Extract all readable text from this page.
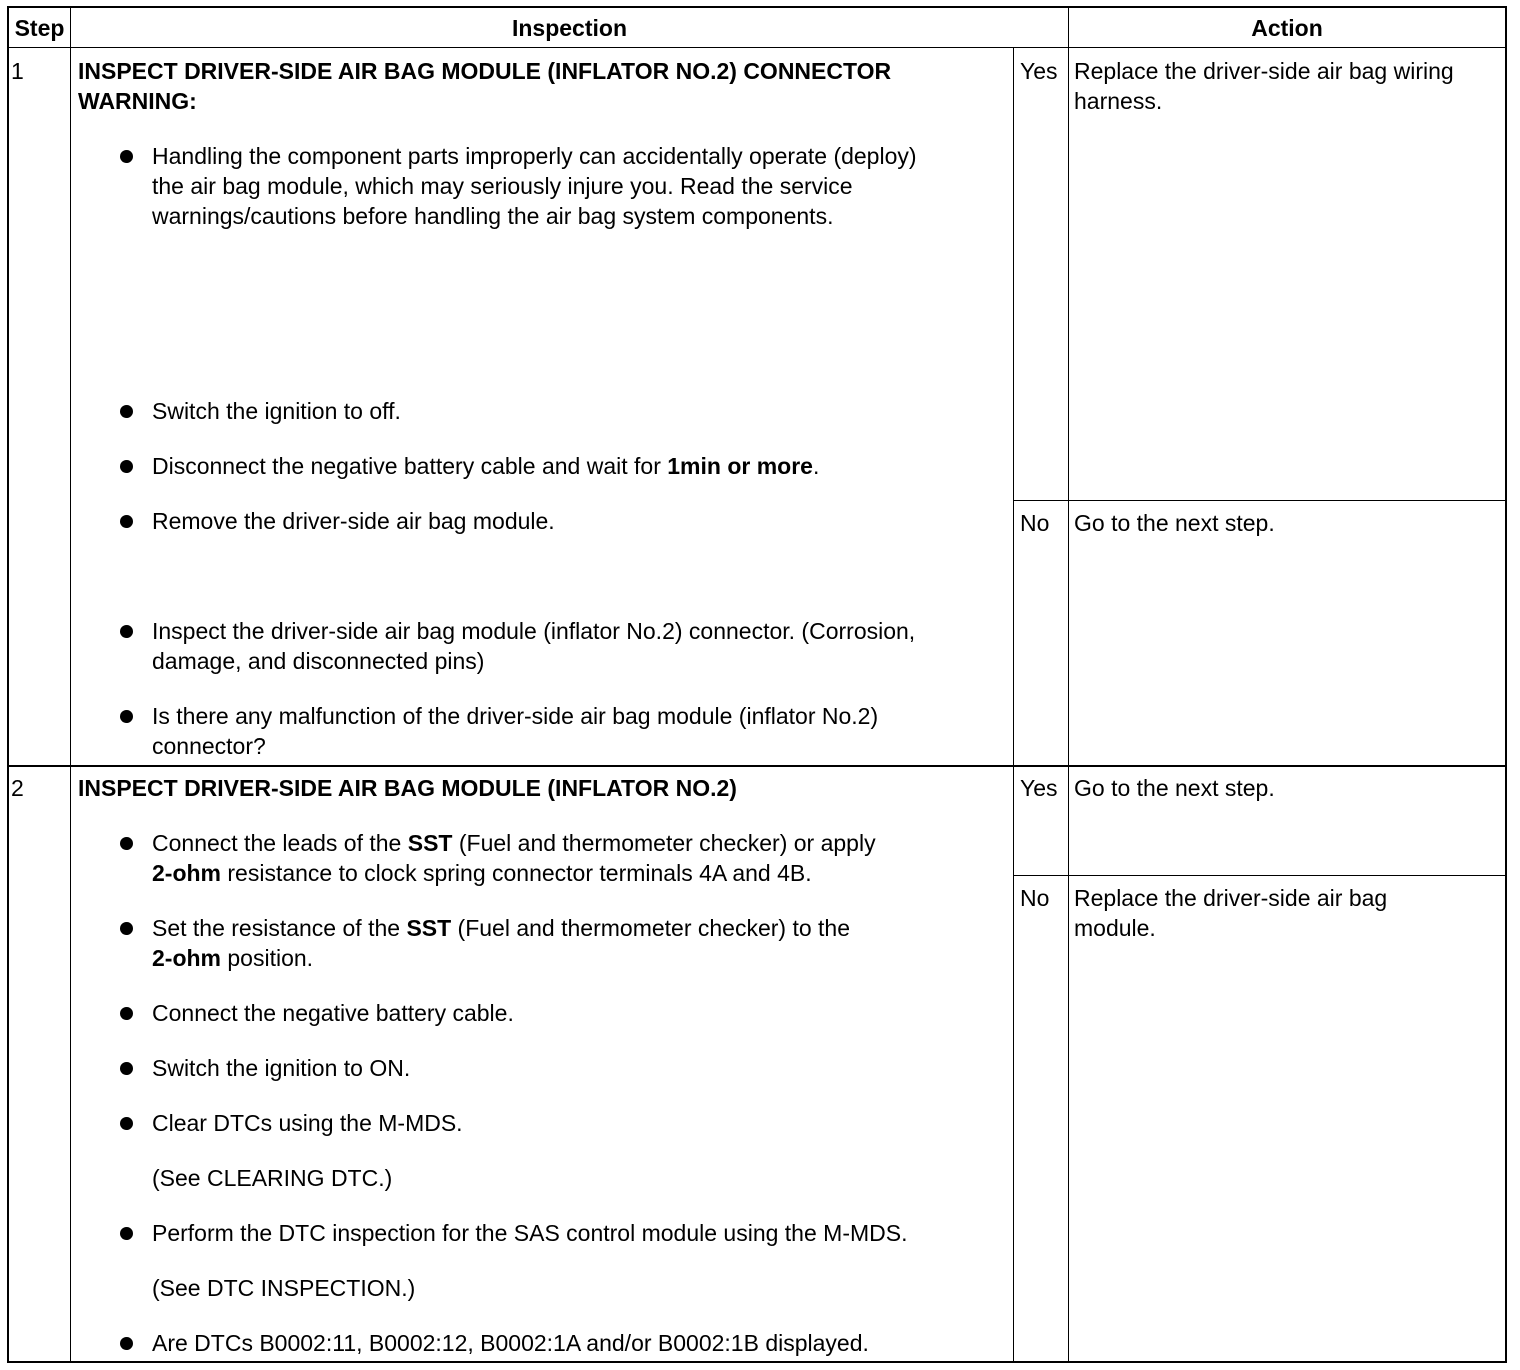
Step	Inspection	Action
1 INSPECT DRIVER-SIDE AIR BAG MODULE (INFLATOR NO.2) CONNECTOR
WARNING:
Handling the component parts improperly can accidentally operate (deploy)
the air bag module, which may seriously injure you. Read the service
warnings/cautions before handling the air bag system components.
Switch the ignition to off.
Disconnect the negative battery cable and wait for 1min or more.
Remove the driver-side air bag module.
Inspect the driver-side air bag module (inflator No.2) connector. (Corrosion,
damage, and disconnected pins)
Is there any malfunction of the driver-side air bag module (inflator No.2)
connector?
Yes Replace the driver-side air bag wiring
harness.
No Go to the next step.
2 INSPECT DRIVER-SIDE AIR BAG MODULE (INFLATOR NO.2)
Connect the leads of the SST (Fuel and thermometer checker) or apply
2-ohm resistance to clock spring connector terminals 4A and 4B.
Set the resistance of the SST (Fuel and thermometer checker) to the
2-ohm position.
Connect the negative battery cable.
Switch the ignition to ON.
Clear DTCs using the M-MDS.
(See CLEARING DTC.)
Perform the DTC inspection for the SAS control module using the M-MDS.
(See DTC INSPECTION.)
Are DTCs B0002:11, B0002:12, B0002:1A and/or B0002:1B displayed.
Yes Go to the next step.
No Replace the driver-side air bag
module.
